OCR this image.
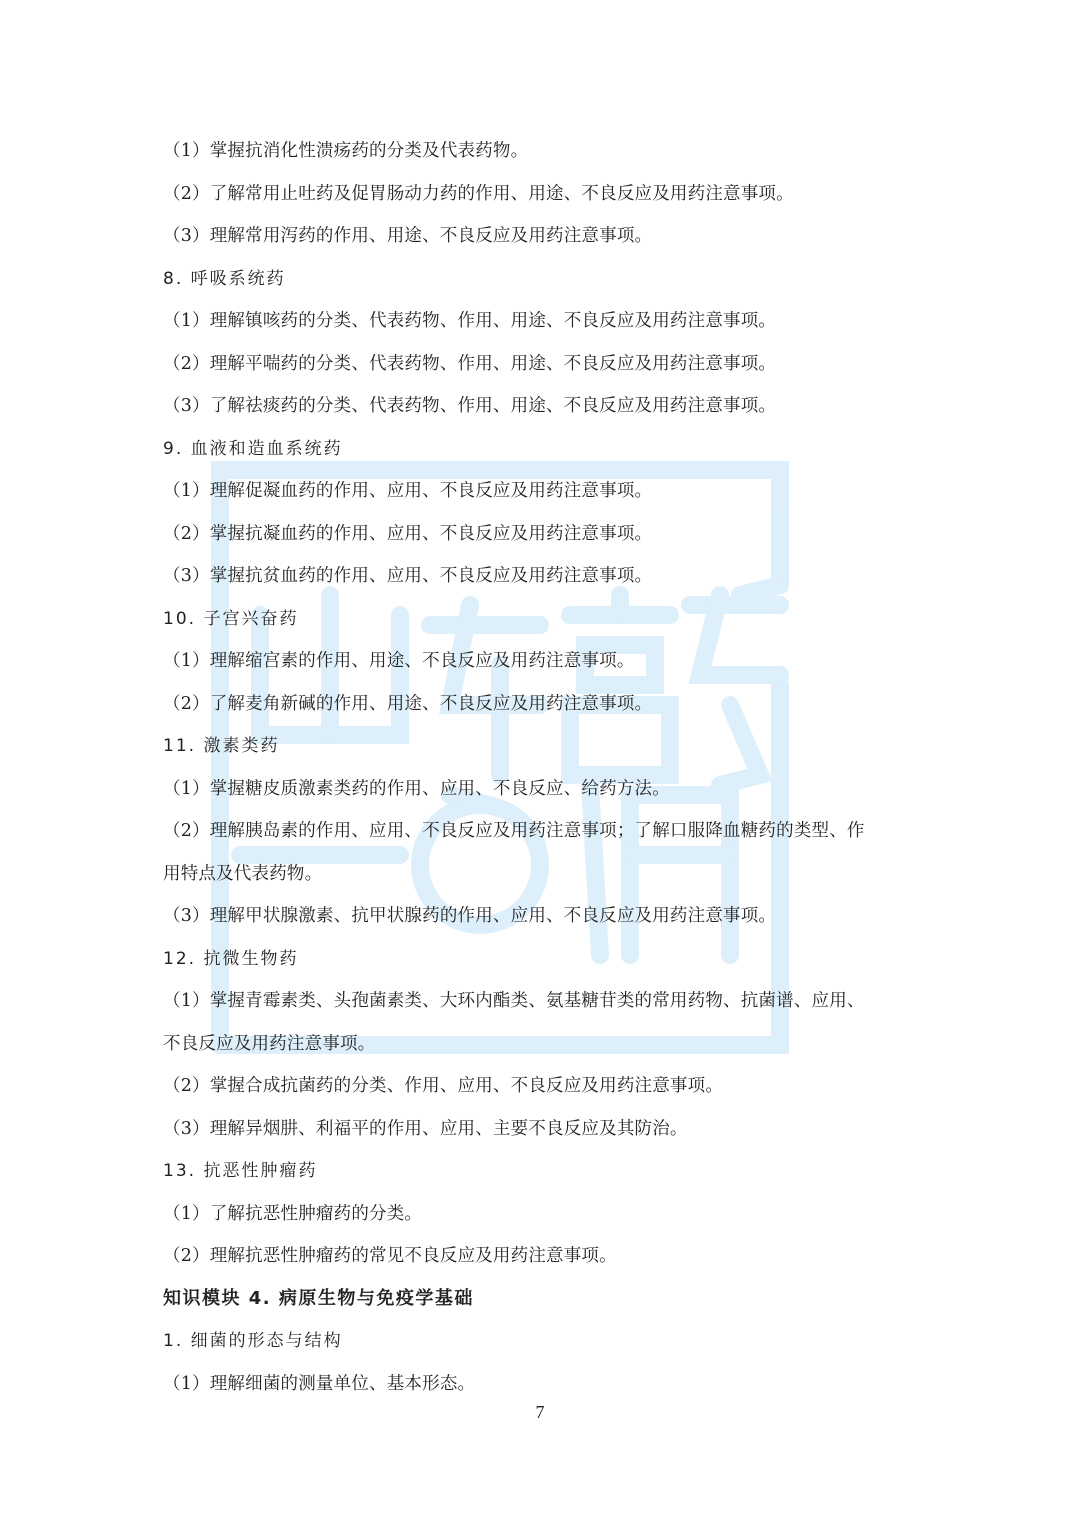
（1）掌握抗消化性溃疡药的分类及代表药物。
（2）了解常用止吐药及促胃肠动力药的作用、用途、不良反应及用药注意事项。
（3）理解常用泻药的作用、用途、不良反应及用药注意事项。
8. 呼吸系统药
（1）理解镇咳药的分类、代表药物、作用、用途、不良反应及用药注意事项。
（2）理解平喘药的分类、代表药物、作用、用途、不良反应及用药注意事项。
（3）了解祛痰药的分类、代表药物、作用、用途、不良反应及用药注意事项。
9. 血液和造血系统药
（1）理解促凝血药的作用、应用、不良反应及用药注意事项。
（2）掌握抗凝血药的作用、应用、不良反应及用药注意事项。
（3）掌握抗贫血药的作用、应用、不良反应及用药注意事项。
10. 子宫兴奋药
（1）理解缩宫素的作用、用途、不良反应及用药注意事项。
（2）了解麦角新碱的作用、用途、不良反应及用药注意事项。
11. 激素类药
（1）掌握糖皮质激素类药的作用、应用、不良反应、给药方法。
（2）理解胰岛素的作用、应用、不良反应及用药注意事项；了解口服降血糖药的类型、作
用特点及代表药物。
（3）理解甲状腺激素、抗甲状腺药的作用、应用、不良反应及用药注意事项。
12. 抗微生物药
（1）掌握青霉素类、头孢菌素类、大环内酯类、氨基糖苷类的常用药物、抗菌谱、应用、
不良反应及用药注意事项。
（2）掌握合成抗菌药的分类、作用、应用、不良反应及用药注意事项。
（3）理解异烟肼、利福平的作用、应用、主要不良反应及其防治。
13. 抗恶性肿瘤药
（1）了解抗恶性肿瘤药的分类。
（2）理解抗恶性肿瘤药的常见不良反应及用药注意事项。
知识模块 4. 病原生物与免疫学基础
1. 细菌的形态与结构
（1）理解细菌的测量单位、基本形态。
7
